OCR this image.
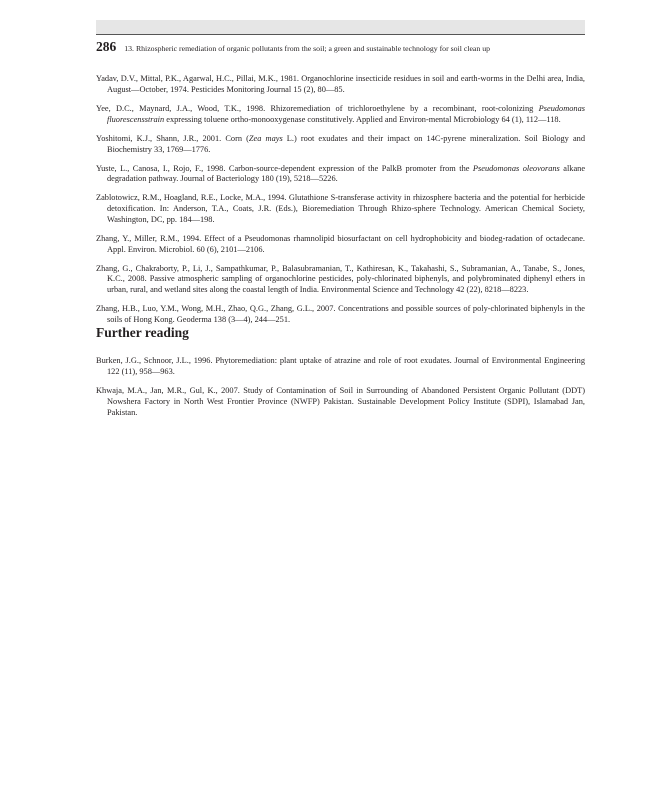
286 13. Rhizospheric remediation of organic pollutants from the soil; a green and sustainable technology for soil clean up

Yadav, D.V., Mittal, P.K., Agarwal, H.C., Pillai, M.K., 1981. Organochlorine insecticide residues in soil and earth-worms in the Delhi area, India, August—October, 1974. Pesticides Monitoring Journal 15 (2), 80—85.

Yee, D.C., Maynard, J.A., Wood, T.K., 1998. Rhizoremediation of trichloroethylene by a recombinant, root-colonizing Pseudomonas fluorescensstrain expressing toluene ortho-monooxygenase constitutively. Applied and Environ-mental Microbiology 64 (1), 112—118.

Yoshitomi, K.J., Shann, J.R., 2001. Corn (Zea mays L.) root exudates and their impact on 14C-pyrene mineralization. Soil Biology and Biochemistry 33, 1769—1776.

Yuste, L., Canosa, I., Rojo, F., 1998. Carbon-source-dependent expression of the PalkB promoter from the Pseudomonas oleovorans alkane degradation pathway. Journal of Bacteriology 180 (19), 5218—5226.

Zablotowicz, R.M., Hoagland, R.E., Locke, M.A., 1994. Glutathione S-transferase activity in rhizosphere bacteria and the potential for herbicide detoxification. In: Anderson, T.A., Coats, J.R. (Eds.), Bioremediation Through Rhizo-sphere Technology. American Chemical Society, Washington, DC, pp. 184—198.

Zhang, Y., Miller, R.M., 1994. Effect of a Pseudomonas rhamnolipid biosurfactant on cell hydrophobicity and biodeg-radation of octadecane. Appl. Environ. Microbiol. 60 (6), 2101—2106.

Zhang, G., Chakraborty, P., Li, J., Sampathkumar, P., Balasubramanian, T., Kathiresan, K., Takahashi, S., Subramanian, A., Tanabe, S., Jones, K.C., 2008. Passive atmospheric sampling of organochlorine pesticides, poly-chlorinated biphenyls, and polybrominated diphenyl ethers in urban, rural, and wetland sites along the coastal length of India. Environmental Science and Technology 42 (22), 8218—8223.

Zhang, H.B., Luo, Y.M., Wong, M.H., Zhao, Q.G., Zhang, G.L., 2007. Concentrations and possible sources of poly-chlorinated biphenyls in the soils of Hong Kong. Geoderma 138 (3—4), 244—251.

Further reading

Burken, J.G., Schnoor, J.L., 1996. Phytoremediation: plant uptake of atrazine and role of root exudates. Journal of Environmental Engineering 122 (11), 958—963.

Khwaja, M.A., Jan, M.R., Gul, K., 2007. Study of Contamination of Soil in Surrounding of Abandoned Persistent Organic Pollutant (DDT) Nowshera Factory in North West Frontier Province (NWFP) Pakistan. Sustainable Development Policy Institute (SDPI), Islamabad Jan, Pakistan.
